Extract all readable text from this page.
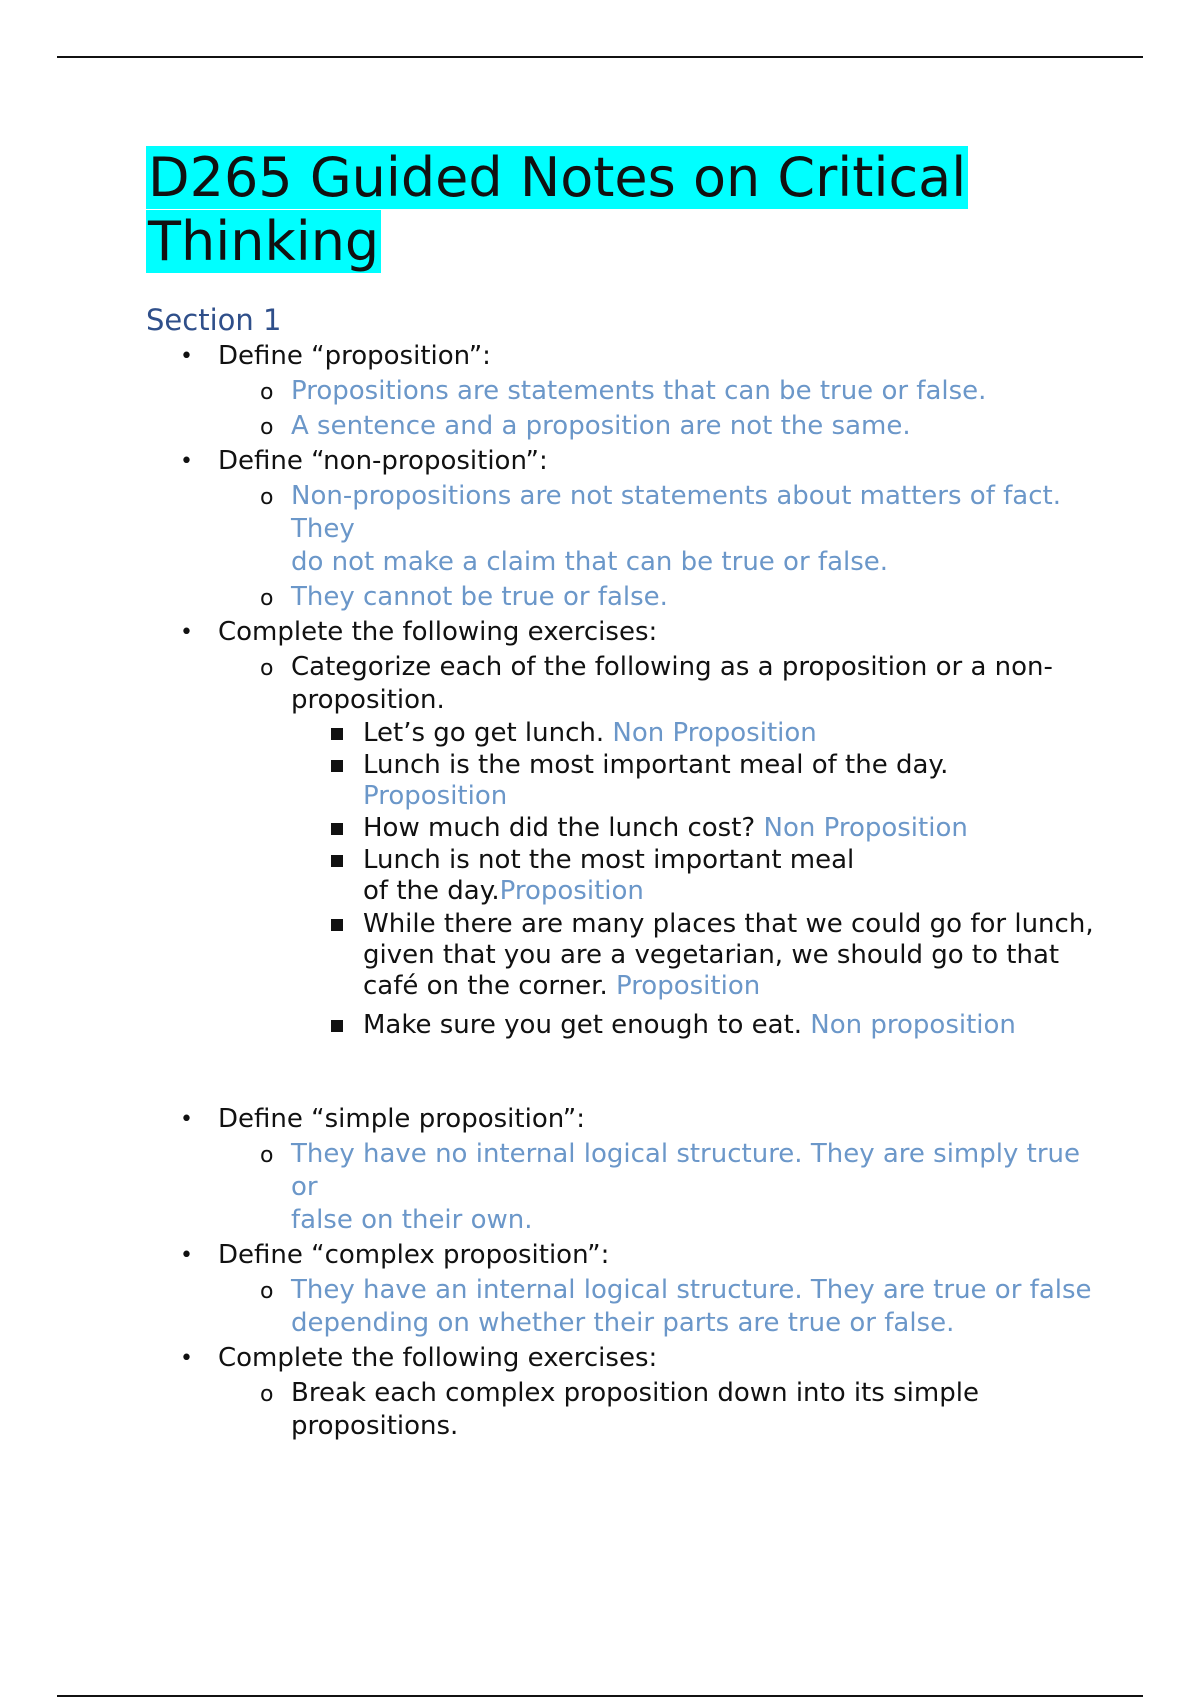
D265 Guided Notes on Critical Thinking
Section 1
• Define “proposition”:
o Propositions are statements that can be true or false.
o A sentence and a proposition are not the same.
• Define “non-proposition”:
o Non-propositions are not statements about matters of fact. They
do not make a claim that can be true or false.
o They cannot be true or false.
• Complete the following exercises:
o Categorize each of the following as a proposition or a non-
proposition.
Let’s go get lunch. Non Proposition
Lunch is the most important meal of the day.
Proposition
How much did the lunch cost? Non Proposition
Lunch is not the most important meal
of the day.Proposition
While there are many places that we could go for lunch, given that you are a vegetarian, we should go to that café on the corner. Proposition
Make sure you get enough to eat. Non proposition
• Define “simple proposition”:
o They have no internal logical structure. They are simply true or
false on their own.
• Define “complex proposition”:
o They have an internal logical structure. They are true or false
depending on whether their parts are true or false.
• Complete the following exercises:
o Break each complex proposition down into its simple propositions.
